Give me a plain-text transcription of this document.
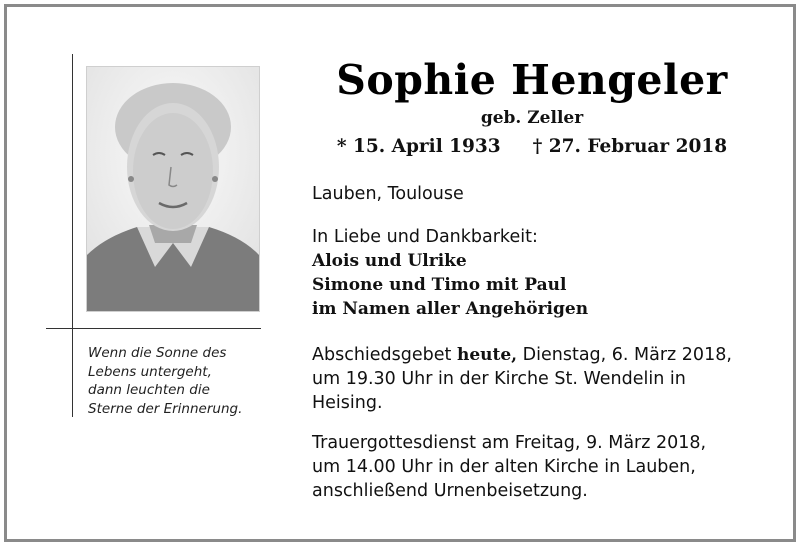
Wenn die Sonne des
Lebens untergeht,
dann leuchten die
Sterne der Erinnerung.
Sophie Hengeler
geb. Zeller
* 15. April 1933 † 27. Februar 2018
Lauben, Toulouse
In Liebe und Dankbarkeit:
Alois und Ulrike
Simone und Timo mit Paul
im Namen aller Angehörigen
Abschiedsgebet heute, Dienstag, 6. März 2018,
um 19.30 Uhr in der Kirche St. Wendelin in
Heising.
Trauergottesdienst am Freitag, 9. März 2018,
um 14.00 Uhr in der alten Kirche in Lauben,
anschließend Urnenbeisetzung.
